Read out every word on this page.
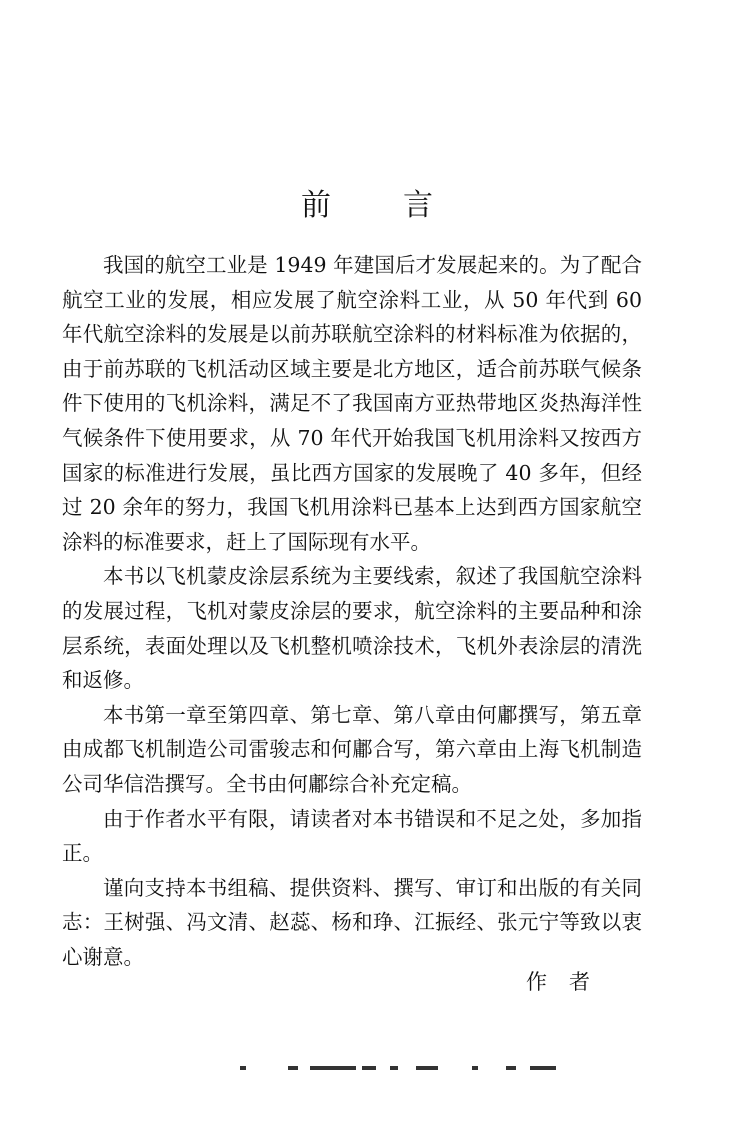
前 言

我国的航空工业是 1949 年建国后才发展起来的。为了配合航空工业的发展，相应发展了航空涂料工业，从 50 年代到 60 年代航空涂料的发展是以前苏联航空涂料的材料标准为依据的，由于前苏联的飞机活动区域主要是北方地区，适合前苏联气候条件下使用的飞机涂料，满足不了我国南方亚热带地区炎热海洋性气候条件下使用要求，从 70 年代开始我国飞机用涂料又按西方国家的标准进行发展，虽比西方国家的发展晚了 40 多年，但经过 20 余年的努力，我国飞机用涂料已基本上达到西方国家航空涂料的标准要求，赶上了国际现有水平。

本书以飞机蒙皮涂层系统为主要线索，叙述了我国航空涂料的发展过程，飞机对蒙皮涂层的要求，航空涂料的主要品种和涂层系统，表面处理以及飞机整机喷涂技术，飞机外表涂层的清洗和返修。

本书第一章至第四章、第七章、第八章由何鄘撰写，第五章由成都飞机制造公司雷骏志和何鄘合写，第六章由上海飞机制造公司华信浩撰写。全书由何鄘综合补充定稿。

由于作者水平有限，请读者对本书错误和不足之处，多加指正。

谨向支持本书组稿、提供资料、撰写、审订和出版的有关同志：王树强、冯文清、赵蕊、杨和琤、江振经、张元宁等致以衷心谢意。

作 者
